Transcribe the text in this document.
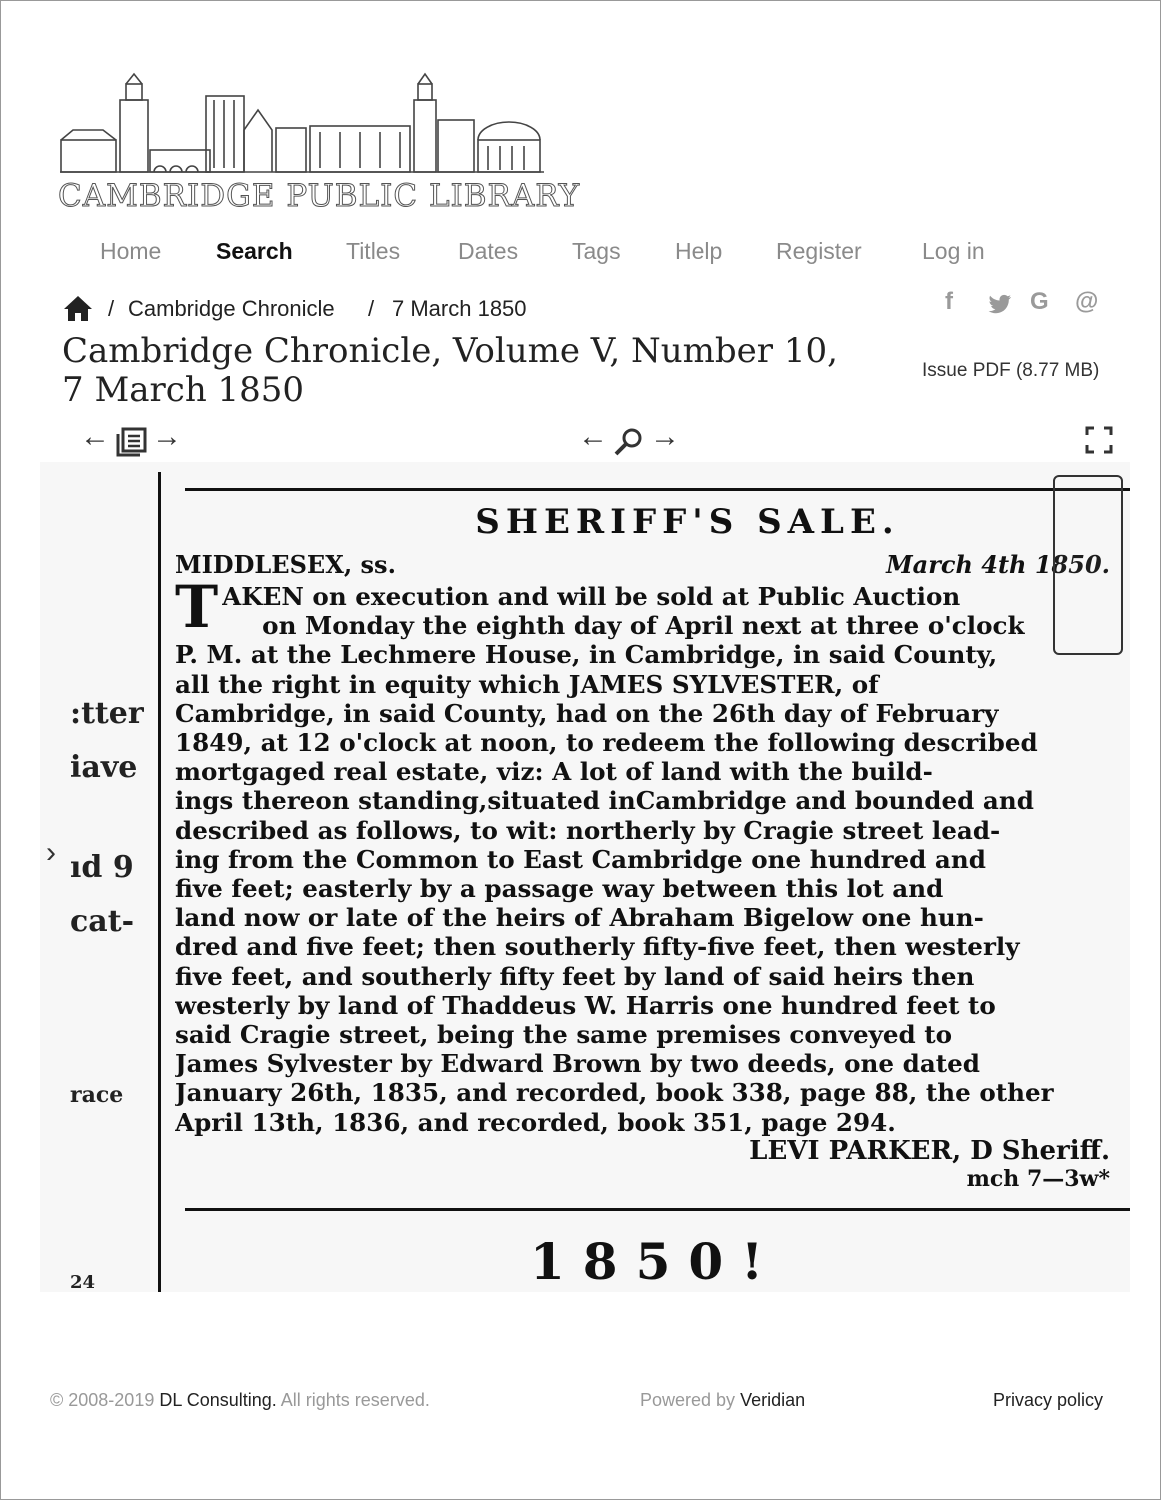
CAMBRIDGE PUBLIC LIBRARY
Home Search Titles	Dates Tags Help Register	Log in
/ Cambridge Chronicle / 7 March 1850	f	G @
Cambridge Chronicle, Volume V, Number 10, 7 March 1850	Issue PDF (8.77 MB)
← →	← →
:tter
iave
ıd 9
cat-
race
24
SHERIFF'S SALE.
MIDDLESEX, ss.	March 4th 1850.
T AKEN on execution and will be sold at Public Auction
on Monday the eighth day of April next at three o'clock
P. M. at the Lechmere House, in Cambridge, in said County,
all the right in equity which JAMES SYLVESTER, of
Cambridge, in said County, had on the 26th day of February
1849, at 12 o'clock at noon, to redeem the following described
mortgaged real estate, viz: A lot of land with the build-
ings thereon standing,situated inCambridge and bounded and
described as follows, to wit: northerly by Cragie street lead-
ing from the Common to East Cambridge one hundred and
five feet; easterly by a passage way between this lot and
land now or late of the heirs of Abraham Bigelow one hun-
dred and five feet; then southerly fifty-five feet, then westerly
five feet, and southerly fifty feet by land of said heirs then
westerly by land of Thaddeus W. Harris one hundred feet to
said Cragie street, being the same premises conveyed to
James Sylvester by Edward Brown by two deeds, one dated
January 26th, 1835, and recorded, book 338, page 88, the other
April 13th, 1836, and recorded, book 351, page 294.
LEVI PARKER, D Sheriff.
mch 7—3w*
1850!
›
© 2008-2019 DL Consulting. All rights reserved.	Powered by Veridian	Privacy policy
